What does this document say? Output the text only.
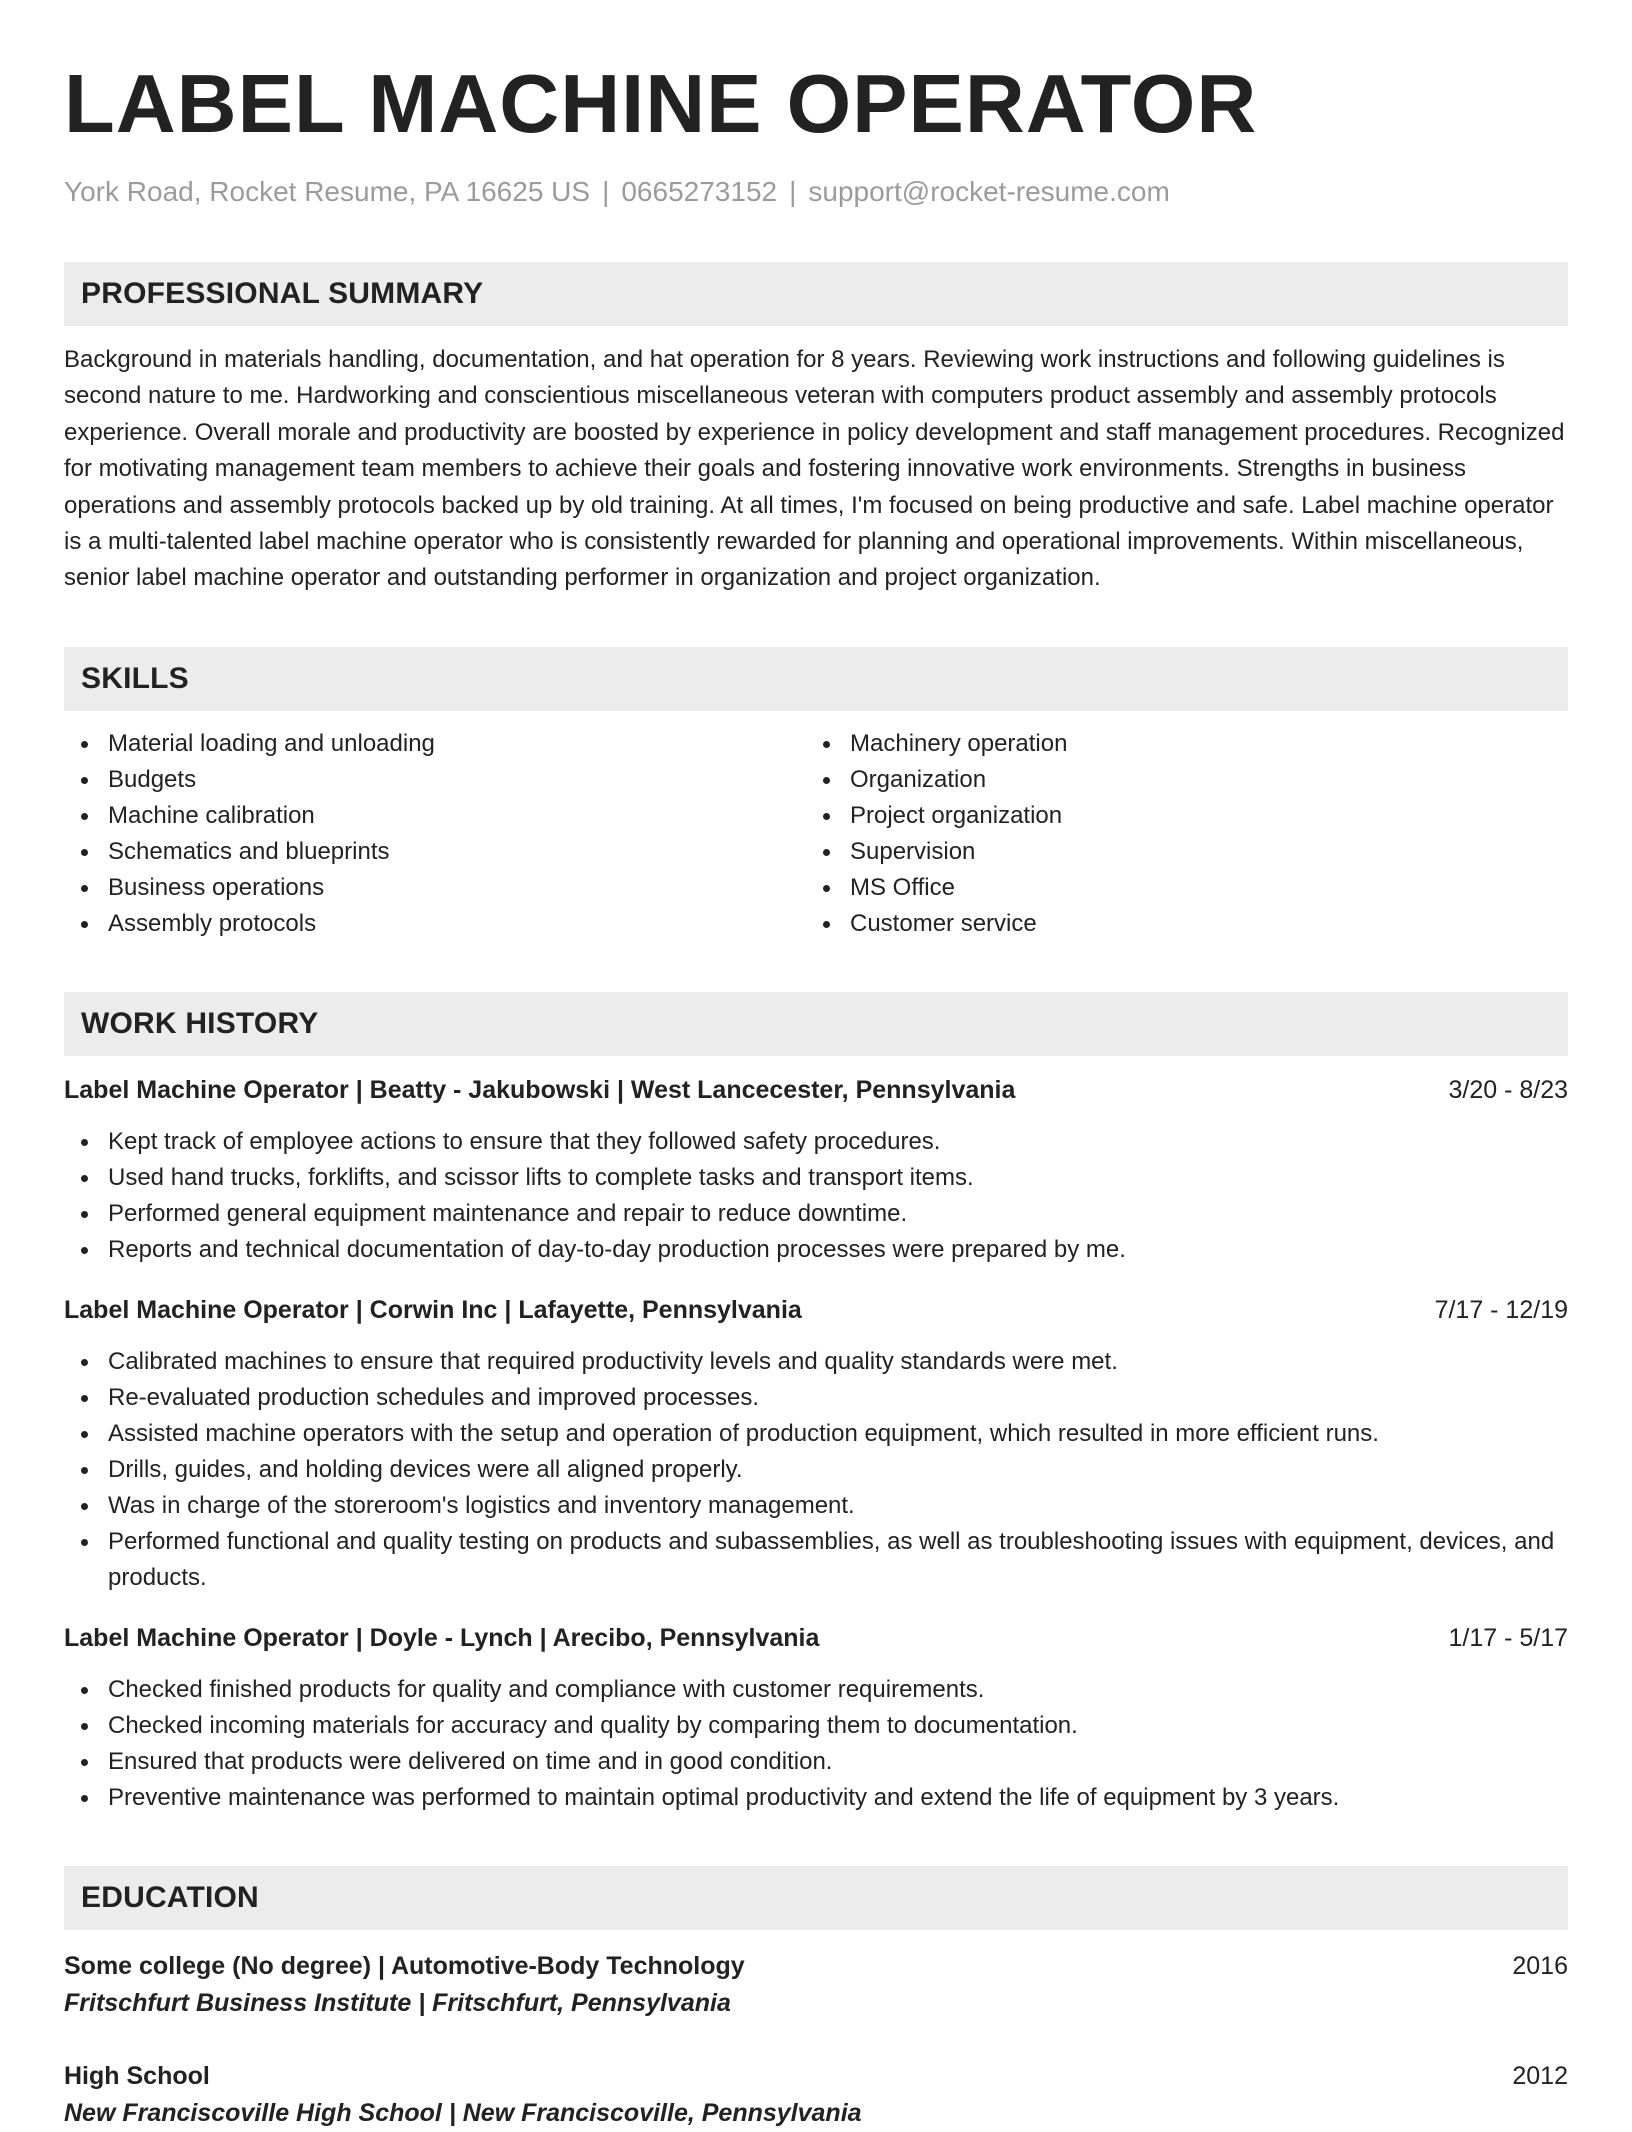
LABEL MACHINE OPERATOR
York Road, Rocket Resume, PA 16625 US | 0665273152 | support@rocket-resume.com
PROFESSIONAL SUMMARY
Background in materials handling, documentation, and hat operation for 8 years. Reviewing work instructions and following guidelines is second nature to me. Hardworking and conscientious miscellaneous veteran with computers product assembly and assembly protocols experience. Overall morale and productivity are boosted by experience in policy development and staff management procedures. Recognized for motivating management team members to achieve their goals and fostering innovative work environments. Strengths in business operations and assembly protocols backed up by old training. At all times, I'm focused on being productive and safe. Label machine operator is a multi-talented label machine operator who is consistently rewarded for planning and operational improvements. Within miscellaneous, senior label machine operator and outstanding performer in organization and project organization.
SKILLS
Material loading and unloading
Budgets
Machine calibration
Schematics and blueprints
Business operations
Assembly protocols
Machinery operation
Organization
Project organization
Supervision
MS Office
Customer service
WORK HISTORY
Label Machine Operator | Beatty - Jakubowski | West Lancecester, Pennsylvania	3/20 - 8/23
Kept track of employee actions to ensure that they followed safety procedures.
Used hand trucks, forklifts, and scissor lifts to complete tasks and transport items.
Performed general equipment maintenance and repair to reduce downtime.
Reports and technical documentation of day-to-day production processes were prepared by me.
Label Machine Operator | Corwin Inc | Lafayette, Pennsylvania	7/17 - 12/19
Calibrated machines to ensure that required productivity levels and quality standards were met.
Re-evaluated production schedules and improved processes.
Assisted machine operators with the setup and operation of production equipment, which resulted in more efficient runs.
Drills, guides, and holding devices were all aligned properly.
Was in charge of the storeroom's logistics and inventory management.
Performed functional and quality testing on products and subassemblies, as well as troubleshooting issues with equipment, devices, and products.
Label Machine Operator | Doyle - Lynch | Arecibo, Pennsylvania	1/17 - 5/17
Checked finished products for quality and compliance with customer requirements.
Checked incoming materials for accuracy and quality by comparing them to documentation.
Ensured that products were delivered on time and in good condition.
Preventive maintenance was performed to maintain optimal productivity and extend the life of equipment by 3 years.
EDUCATION
Some college (No degree) | Automotive-Body Technology	2016
Fritschfurt Business Institute | Fritschfurt, Pennsylvania
High School	2012
New Franciscoville High School | New Franciscoville, Pennsylvania
